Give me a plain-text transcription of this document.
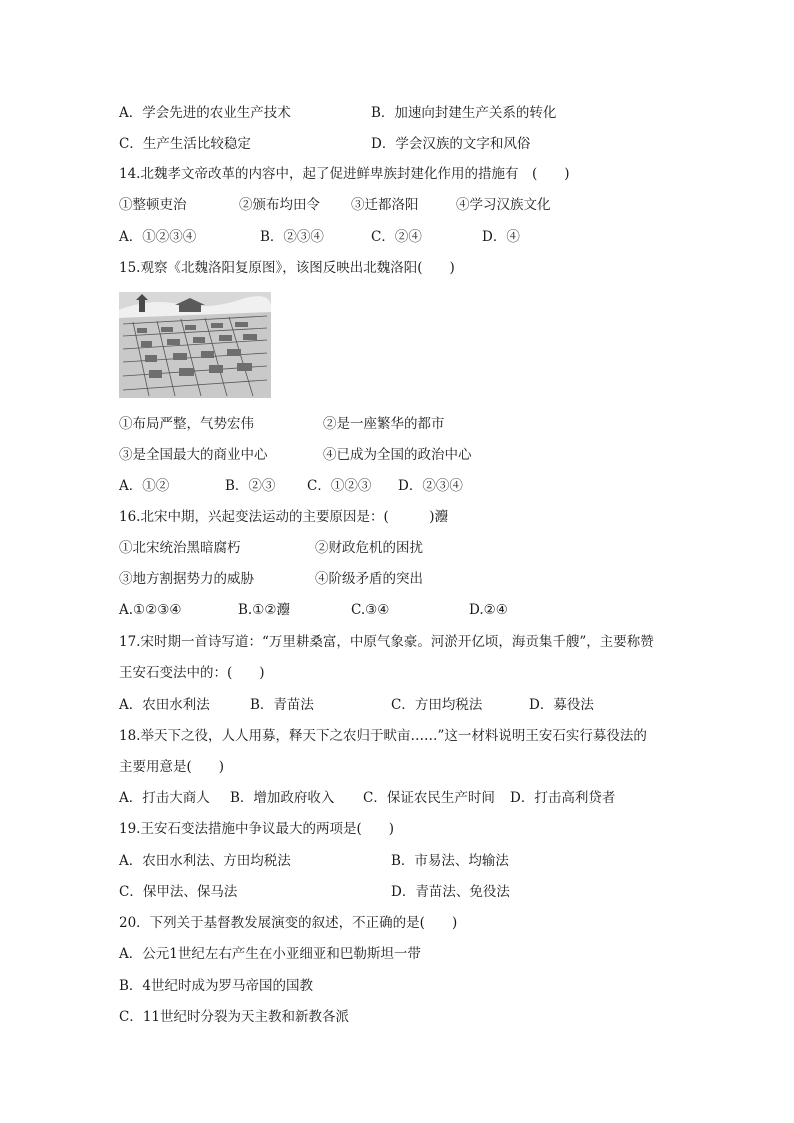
A．学会先进的农业生产技术	B．加速向封建生产关系的转化
C．生产生活比较稳定	D．学会汉族的文字和风俗
14.北魏孝文帝改革的内容中，起了促进鲜卑族封建化作用的措施有　(　　)
①整顿吏治	②颁布均田令 ③迁都洛阳	④学习汉族文化
A．①②③④	B．②③④	C．②④	D．④
15.观察《北魏洛阳复原图》，该图反映出北魏洛阳(　　)
①布局严整，气势宏伟	②是一座繁华的都市
③是全国最大的商业中心	④已成为全国的政治中心
A．①②	B．②③ C．①②③ D．②③④
16.北宋中期，兴起变法运动的主要原因是：(　　　)灋
①北宋统治黑暗腐朽	②财政危机的困扰
③地方割据势力的威胁	④阶级矛盾的突出
A.①②③④	B.①②灋	C.③④	D.②④
17.宋时期一首诗写道：“万里耕桑富，中原气象豪。河淤开亿顷，海贡集千艘”，主要称赞
王安石变法中的：(　　)
A．农田水利法	B．青苗法	C．方田均税法	D．募役法
18.举天下之役，人人用募，释天下之农归于畎亩……”这一材料说明王安石实行募役法的
主要用意是(　　)
A．打击大商人 B．增加政府收入 C．保证农民生产时间 D．打击高利贷者
19.王安石变法措施中争议最大的两项是(　　)
A．农田水利法、方田均税法	B．市易法、均输法
C．保甲法、保马法	D．青苗法、免役法
20．下列关于基督教发展演变的叙述，不正确的是(　　)
A．公元1世纪左右产生在小亚细亚和巴勒斯坦一带
B．4世纪时成为罗马帝国的国教
C．11世纪时分裂为天主教和新教各派
